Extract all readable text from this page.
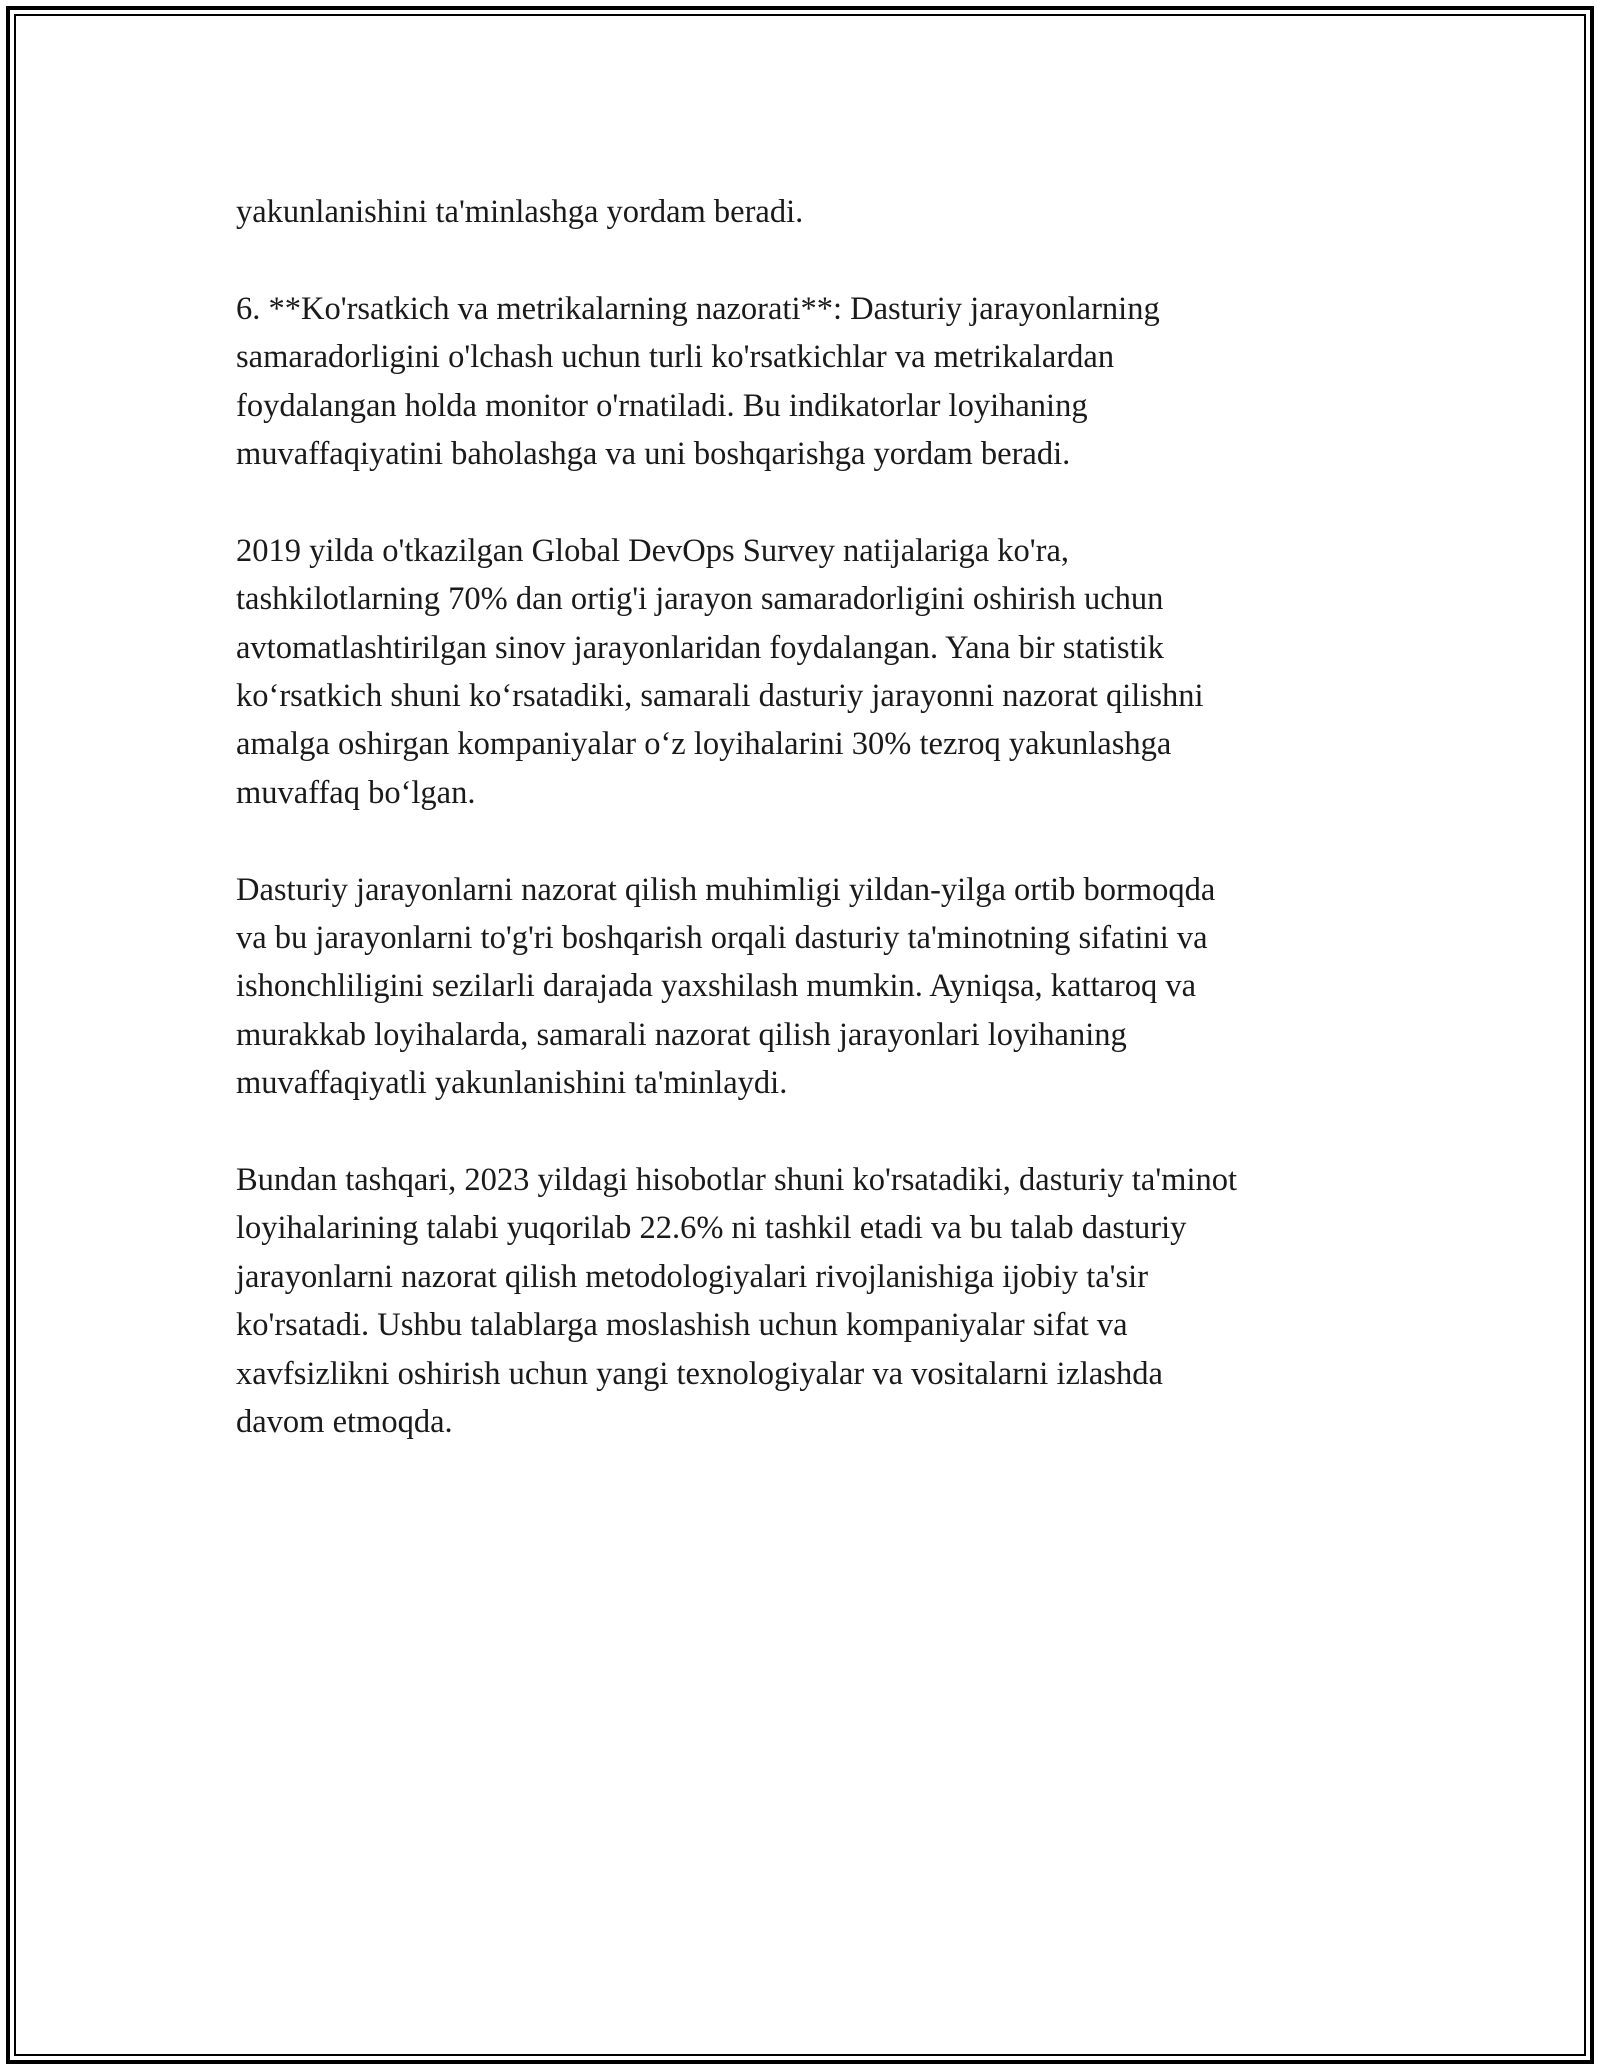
yakunlanishini ta'minlashga yordam beradi.

6. **Ko'rsatkich va metrikalarning nazorati**: Dasturiy jarayonlarning
samaradorligini o'lchash uchun turli ko'rsatkichlar va metrikalardan
foydalangan holda monitor o'rnatiladi. Bu indikatorlar loyihaning
muvaffaqiyatini baholashga va uni boshqarishga yordam beradi.

2019 yilda o'tkazilgan Global DevOps Survey natijalariga ko'ra,
tashkilotlarning 70% dan ortig'i jarayon samaradorligini oshirish uchun
avtomatlashtirilgan sinov jarayonlaridan foydalangan. Yana bir statistik
ko‘rsatkich shuni ko‘rsatadiki, samarali dasturiy jarayonni nazorat qilishni
amalga oshirgan kompaniyalar o‘z loyihalarini 30% tezroq yakunlashga
muvaffaq bo‘lgan.

Dasturiy jarayonlarni nazorat qilish muhimligi yildan-yilga ortib bormoqda
va bu jarayonlarni to'g'ri boshqarish orqali dasturiy ta'minotning sifatini va
ishonchliligini sezilarli darajada yaxshilash mumkin. Ayniqsa, kattaroq va
murakkab loyihalarda, samarali nazorat qilish jarayonlari loyihaning
muvaffaqiyatli yakunlanishini ta'minlaydi.

Bundan tashqari, 2023 yildagi hisobotlar shuni ko'rsatadiki, dasturiy ta'minot
loyihalarining talabi yuqorilab 22.6% ni tashkil etadi va bu talab dasturiy
jarayonlarni nazorat qilish metodologiyalari rivojlanishiga ijobiy ta'sir
ko'rsatadi. Ushbu talablarga moslashish uchun kompaniyalar sifat va
xavfsizlikni oshirish uchun yangi texnologiyalar va vositalarni izlashda
davom etmoqda.
